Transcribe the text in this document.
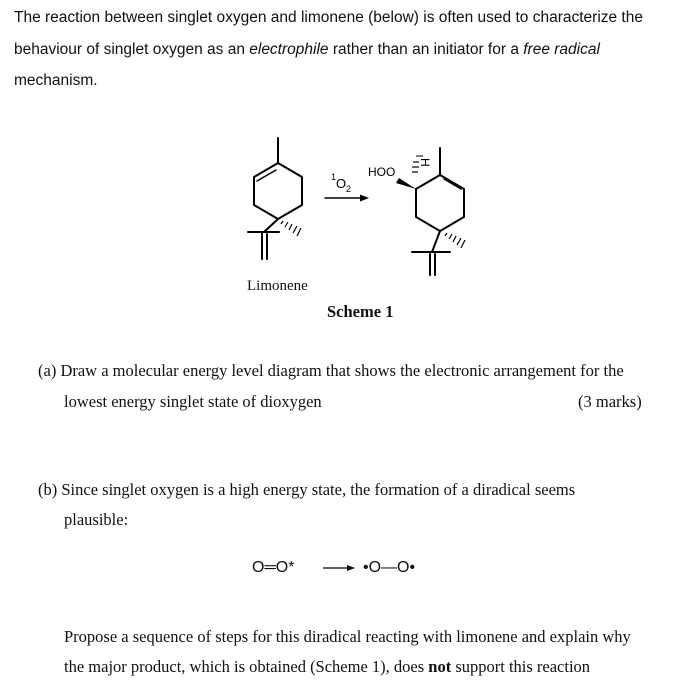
The reaction between singlet oxygen and limonene (below) is often used to characterize the
behaviour of singlet oxygen as an electrophile rather than an initiator for a free radical
mechanism.
1 O 2
HOO
H
Limonene
Scheme 1
(a) Draw a molecular energy level diagram that shows the electronic arrangement for the
lowest energy singlet state of dioxygen	(3 marks)
(b) Since singlet oxygen is a high energy state, the formation of a diradical seems
plausible:
O═O*	•O—O•
Propose a sequence of steps for this diradical reacting with limonene and explain why
the major product, which is obtained (Scheme 1), does not support this reaction
